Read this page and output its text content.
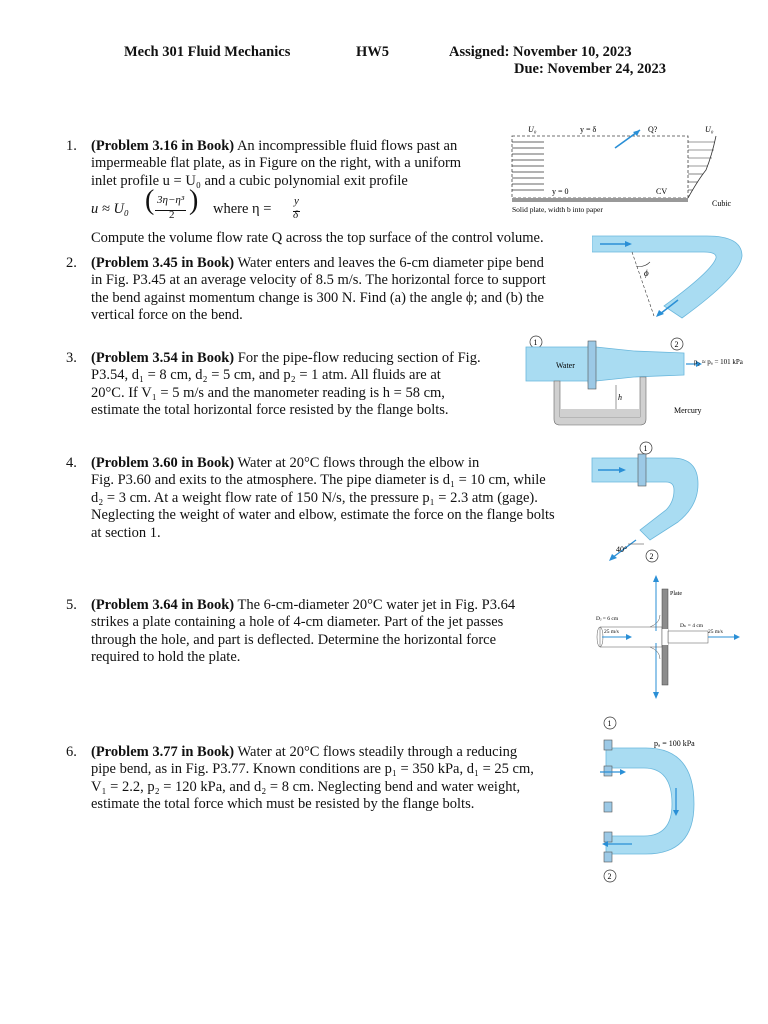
Mech 301 Fluid Mechanics	HW5	Assigned: November 10, 2023
Due: November 24, 2023
1. (Problem 3.16 in Book) An incompressible fluid flows past an
impermeable flat plate, as in Figure on the right, with a uniform
inlet profile u = U₀ and a cubic polynomial exit profile
u ≈ U₀ ( 3η−η³
2 ) where η = y
δ
Compute the volume flow rate Q across the top surface of the control volume.
U₀	y = δ	Q?	U₀
y = 0	CV
Cubic
Solid plate, width b into paper
2. (Problem 3.45 in Book) Water enters and leaves the 6-cm diameter pipe bend
in Fig. P3.45 at an average velocity of 8.5 m/s. The horizontal force to support
the bend against momentum change is 300 N. Find (a) the angle ϕ; and (b) the
vertical force on the bend.
ϕ
3. (Problem 3.54 in Book) For the pipe-flow reducing section of Fig.
P3.54, d₁ = 8 cm, d₂ = 5 cm, and p₂ = 1 atm. All fluids are at
20°C. If V₁ = 5 m/s and the manometer reading is h = 58 cm,
estimate the total horizontal force resisted by the flange bolts.
1	2
Water	p₂ ≈ pₐ = 101 kPa
h
Mercury
4. (Problem 3.60 in Book) Water at 20°C flows through the elbow in
Fig. P3.60 and exits to the atmosphere. The pipe diameter is d₁ = 10 cm, while
d₂ = 3 cm. At a weight flow rate of 150 N/s, the pressure p₁ = 2.3 atm (gage).
Neglecting the weight of water and elbow, estimate the force on the flange bolts
at section 1.
1
40°
2
5. (Problem 3.64 in Book) The 6-cm-diameter 20°C water jet in Fig. P3.64
strikes a plate containing a hole of 4-cm diameter. Part of the jet passes
through the hole, and part is deflected. Determine the horizontal force
required to hold the plate.
Plate
Dⱼ = 6 cm
Dₕ = 4 cm
25 m/s	25 m/s
6. (Problem 3.77 in Book) Water at 20°C flows steadily through a reducing
pipe bend, as in Fig. P3.77. Known conditions are p₁ = 350 kPa, d₁ = 25 cm,
V₁ = 2.2, p₂ = 120 kPa, and d₂ = 8 cm. Neglecting bend and water weight,
estimate the total force which must be resisted by the flange bolts.
1
pₐ = 100 kPa
2
